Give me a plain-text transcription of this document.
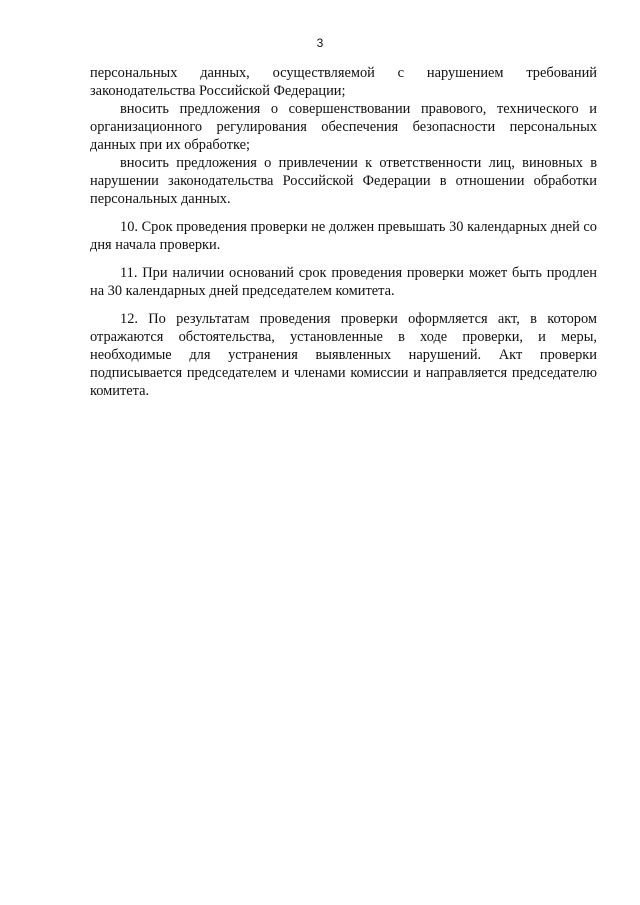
3

персональных данных, осуществляемой с нарушением требований законодательства Российской Федерации;

вносить предложения о совершенствовании правового, технического и организационного регулирования обеспечения безопасности персональных данных при их обработке;

вносить предложения о привлечении к ответственности лиц, виновных в нарушении законодательства Российской Федерации в отношении обработки персональных данных.

10. Срок проведения проверки не должен превышать 30 календарных дней со дня начала проверки.

11. При наличии оснований срок проведения проверки может быть продлен на 30 календарных дней председателем комитета.

12. По результатам проведения проверки оформляется акт, в котором отражаются обстоятельства, установленные в ходе проверки, и меры, необходимые для устранения выявленных нарушений. Акт проверки подписывается председателем и членами комиссии и направляется председателю комитета.
